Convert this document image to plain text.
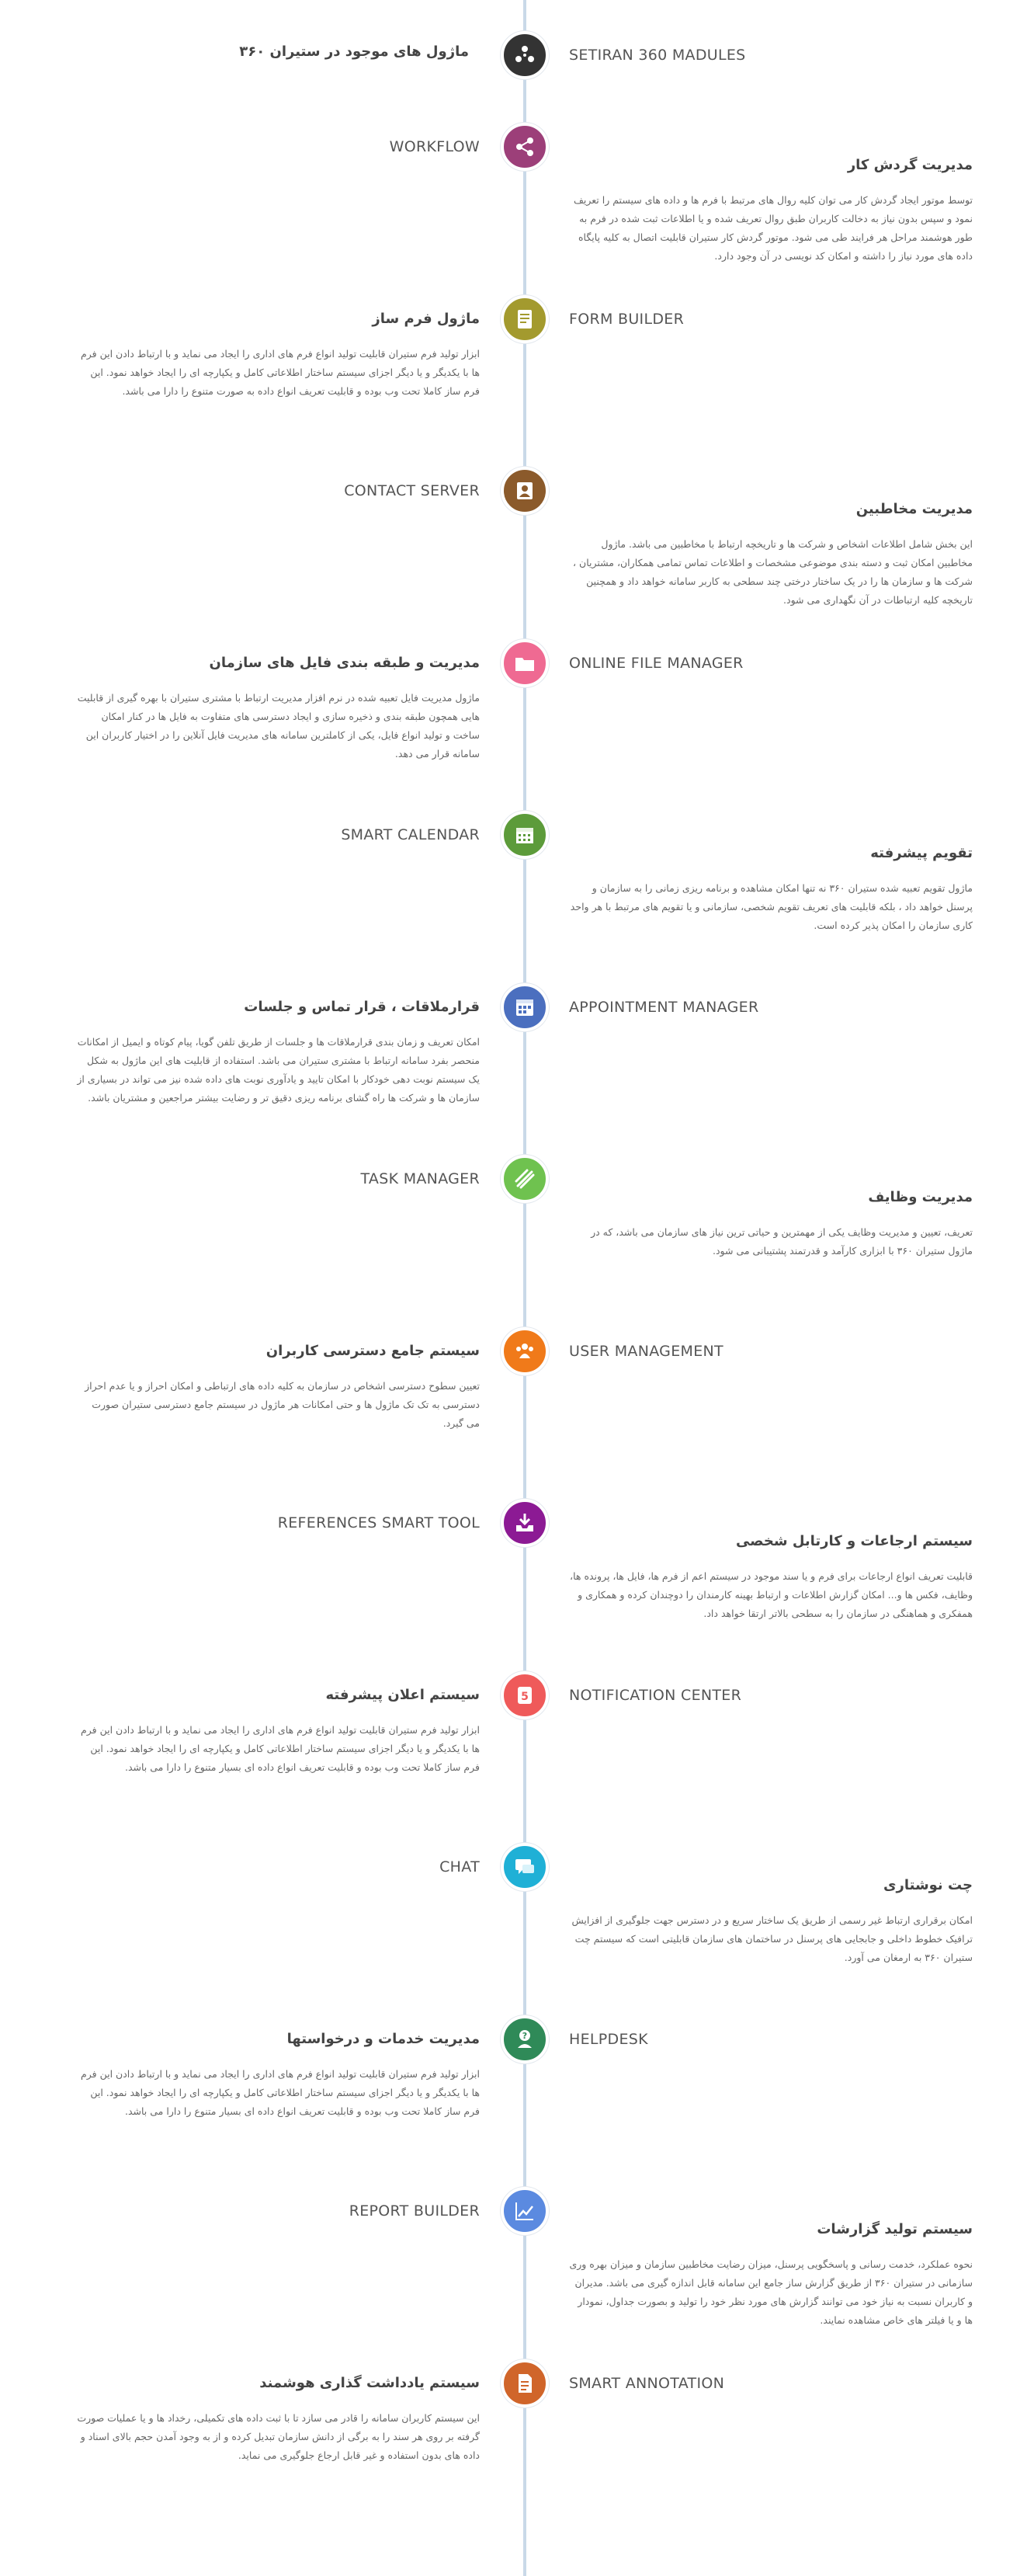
ماژول های موجود در ستیران ۳۶۰	SETIRAN 360 MADULES
WORKFLOW
مدیریت گردش کار

توسط موتور ایجاد گردش کار می توان کلیه روال های مرتبط با فرم ها و داده های سیستم را تعریف نمود و سپس بدون نیاز به دخالت کاربران طبق روال تعریف شده و یا اطلاعات ثبت شده در فرم به طور هوشمند مراحل هر فرایند طی می شود. موتور گردش کار ستیران قابلیت اتصال به کلیه پایگاه داده های مورد نیاز را داشته و امکان کد نویسی در آن وجود دارد.

FORM BUILDER
ماژول فرم ساز

ابزار تولید فرم ستیران قابلیت تولید انواع فرم های اداری را ایجاد می نماید و با ارتباط دادن این فرم ها با یکدیگر و یا دیگر اجزای سیستم ساختار اطلاعاتی کامل و یکپارچه ای را ایجاد خواهد نمود. این فرم ساز کاملا تحت وب بوده و قابلیت تعریف انواع داده به صورت متنوع را دارا می باشد.

CONTACT SERVER
مدیریت مخاطبین

این بخش شامل اطلاعات اشخاص و شرکت ها و تاریخچه ارتباط با مخاطبین می باشد. ماژول مخاطبین امکان ثبت و دسته بندی موضوعی مشخصات و اطلاعات تماس تمامی همکاران، مشتریان ، شرکت ها و سازمان ها را در یک ساختار درختی چند سطحی به کاربر سامانه خواهد داد و همچنین تاریخچه کلیه ارتباطات در آن نگهداری می شود.

ONLINE FILE MANAGER
مدیریت و طبقه بندی فایل های سازمان

ماژول مدیریت فایل تعبیه شده در نرم افزار مدیریت ارتباط با مشتری ستیران با بهره گیری از قابلیت هایی همچون طبقه بندی و ذخیره سازی و ایجاد دسترسی های متفاوت به فایل ها در کنار امکان ساخت و تولید انواع فایل، یکی از کاملترین سامانه های مدیریت فایل آنلاین را در اختیار کاربران این سامانه قرار می دهد.

SMART CALENDAR
تقویم پیشرفته

ماژول تقویم تعبیه شده ستیران ۳۶۰ نه تنها امکان مشاهده و برنامه ریزی زمانی را به سازمان و پرسنل خواهد داد ، بلکه قابلیت های تعریف تقویم شخصی، سازمانی و یا تقویم های مرتبط با هر واحد کاری سازمان را امکان پذیر کرده است.

APPOINTMENT MANAGER
قرارملاقات ، قرار تماس و جلسات

امکان تعریف و زمان بندی قرارملاقات ها و جلسات از طریق تلفن گویا، پیام کوتاه و ایمیل از امکانات منحصر بفرد سامانه ارتباط با مشتری ستیران می باشد. استفاده از قابلیت های این ماژول به شکل یک سیستم نوبت دهی خودکار با امکان تایید و یادآوری نوبت های داده شده نیز می تواند در بسیاری از سازمان ها و شرکت ها راه گشای برنامه ریزی دقیق تر و رضایت بیشتر مراجعین و مشتریان باشد.

TASK MANAGER
مدیریت وظایف

تعریف، تعیین و مدیریت وظایف یکی از مهمترین و حیاتی ترین نیاز های سازمان می باشد، که در ماژول ستیران ۳۶۰ با ابزاری کارآمد و قدرتمند پشتیبانی می شود.

USER MANAGEMENT
سیستم جامع دسترسی کاربران

تعیین سطوح دسترسی اشخاص در سازمان به کلیه داده های ارتباطی و امکان احراز و یا عدم احراز دسترسی به تک تک ماژول ها و حتی امکانات هر ماژول در سیستم جامع دسترسی ستیران صورت می گیرد.

REFERENCES SMART TOOL
سیستم ارجاعات و کارتابل شخصی

قابلیت تعریف انواع ارجاعات برای فرم و یا سند موجود در سیستم اعم از فرم ها، فایل ها، پرونده ها، وظایف، فکس ها و... امکان گزارش اطلاعات و ارتباط بهینه کارمندان را دوچندان کرده و همکاری و همفکری و هماهنگی در سازمان را به سطحی بالاتر ارتقا خواهد داد.

NOTIFICATION CENTER
5
سیستم اعلان پیشرفته

ابزار تولید فرم ستیران قابلیت تولید انواع فرم های اداری را ایجاد می نماید و با ارتباط دادن این فرم ها با یکدیگر و یا دیگر اجزای سیستم ساختار اطلاعاتی کامل و یکپارچه ای را ایجاد خواهد نمود. این فرم ساز کاملا تحت وب بوده و قابلیت تعریف انواع داده ای بسیار متنوع را دارا می باشد.

CHAT
چت نوشتاری

امکان برقراری ارتباط غیر رسمی از طریق یک ساختار سریع و در دسترس جهت جلوگیری از افزایش ترافیک خطوط داخلی و جابجایی های پرسنل در ساختمان های سازمان قابلیتی است که سیستم چت ستیران ۳۶۰ به ارمغان می آورد.

HELPDESK
?
مدیریت خدمات و درخواستها

ابزار تولید فرم ستیران قابلیت تولید انواع فرم های اداری را ایجاد می نماید و با ارتباط دادن این فرم ها با یکدیگر و یا دیگر اجزای سیستم ساختار اطلاعاتی کامل و یکپارچه ای را ایجاد خواهد نمود. این فرم ساز کاملا تحت وب بوده و قابلیت تعریف انواع داده ای بسیار متنوع را دارا می باشد.

REPORT BUILDER
سیستم تولید گزارشات

نحوه عملکرد، خدمت رسانی و پاسخگویی پرسنل، میزان رضایت مخاطبین سازمان و میزان بهره وری سازمانی در ستیران ۳۶۰ از طریق گزارش ساز جامع این سامانه قابل اندازه گیری می باشد. مدیران و کاربران نسبت به نیاز خود می توانند گزارش های مورد نظر خود را تولید و بصورت جداول، نمودار ها و یا فیلتر های خاص مشاهده نمایند.

SMART ANNOTATION
سیستم یادداشت گذاری هوشمند

این سیستم کاربران سامانه را قادر می سازد تا با ثبت داده های تکمیلی، رخداد ها و یا عملیات صورت گرفته بر روی هر سند را به برگی از دانش سازمان تبدیل کرده و از به وجود آمدن حجم بالای اسناد و داده های بدون استفاده و غیر قابل ارجاع جلوگیری می نماید.
